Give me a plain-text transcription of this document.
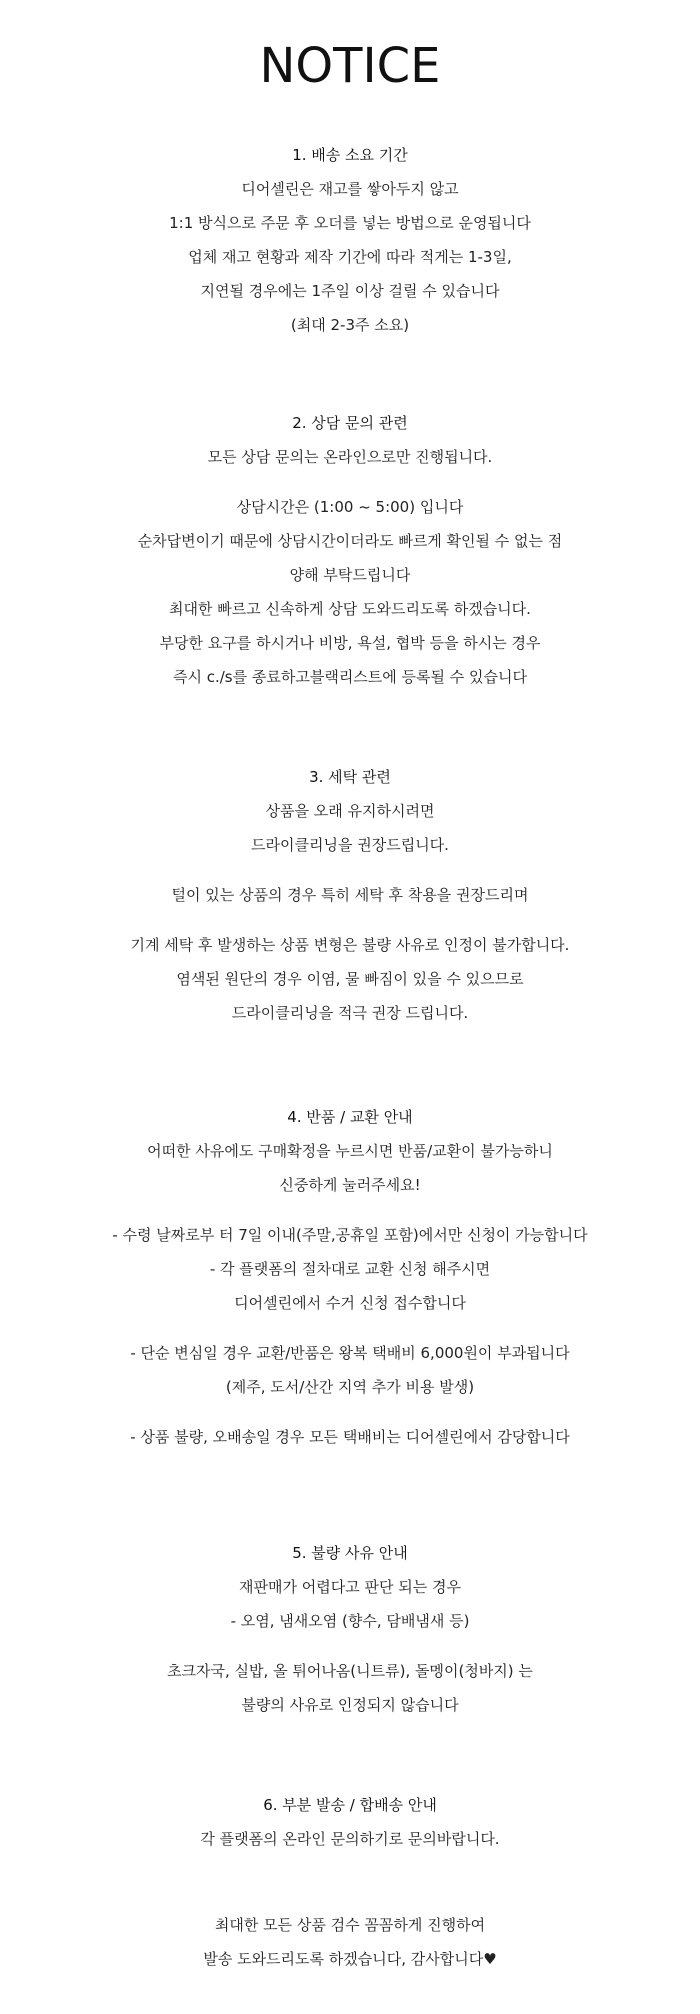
NOTICE
1. 배송 소요 기간
디어셀린은 재고를 쌓아두지 않고
1:1 방식으로 주문 후 오더를 넣는 방법으로 운영됩니다
업체 재고 현황과 제작 기간에 따라 적게는 1-3일,
지연될 경우에는 1주일 이상 걸릴 수 있습니다
(최대 2-3주 소요)
2. 상담 문의 관련
모든 상담 문의는 온라인으로만 진행됩니다.
상담시간은 (1:00 ~ 5:00) 입니다
순차답변이기 때문에 상담시간이더라도 빠르게 확인될 수 없는 점
양해 부탁드립니다
최대한 빠르고 신속하게 상담 도와드리도록 하겠습니다.
부당한 요구를 하시거나 비방, 욕설, 협박 등을 하시는 경우
즉시 c./s를 종료하고블랙리스트에 등록될 수 있습니다
3. 세탁 관련
상품을 오래 유지하시려면
드라이클리닝을 권장드립니다.
털이 있는 상품의 경우 특히 세탁 후 착용을 권장드리며
기계 세탁 후 발생하는 상품 변형은 불량 사유로 인정이 불가합니다.
염색된 원단의 경우 이염, 물 빠짐이 있을 수 있으므로
드라이클리닝을 적극 권장 드립니다.
4. 반품 / 교환 안내
어떠한 사유에도 구매확정을 누르시면 반품/교환이 불가능하니
신중하게 눌러주세요!
- 수령 날짜로부 터 7일 이내(주말,공휴일 포함)에서만 신청이 가능합니다
- 각 플랫폼의 절차대로 교환 신청 해주시면
디어셀린에서 수거 신청 접수합니다
- 단순 변심일 경우 교환/반품은 왕복 택배비 6,000원이 부과됩니다
(제주, 도서/산간 지역 추가 비용 발생)
- 상품 불량, 오배송일 경우 모든 택배비는 디어셀린에서 감당합니다
5. 불량 사유 안내
재판매가 어렵다고 판단 되는 경우
- 오염, 냄새오염 (향수, 담배냄새 등)
초크자국, 실밥, 올 튀어나옴(니트류), 돌멩이(청바지) 는
불량의 사유로 인정되지 않습니다
6. 부분 발송 / 합배송 안내
각 플랫폼의 온라인 문의하기로 문의바랍니다.
최대한 모든 상품 검수 꼼꼼하게 진행하여
발송 도와드리도록 하겠습니다, 감사합니다♥
